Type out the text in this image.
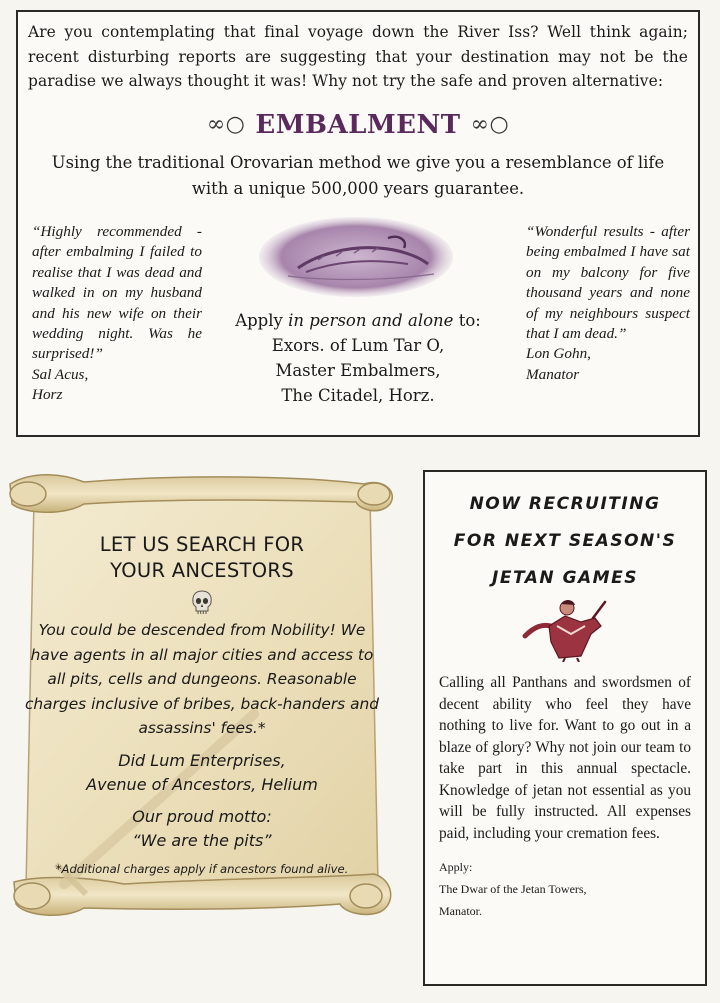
Are you contemplating that final voyage down the River Iss? Well think again; recent disturbing reports are suggesting that your destination may not be the paradise we always thought it was! Why not try the safe and proven alternative:
∞○ EMBALMENT ∞○
Using the traditional Orovarian method we give you a resemblance of life
with a unique 500,000 years guarantee.
“Highly recommended - after embalming I failed to realise that I was dead and walked in on my husband and his new wife on their wedding night. Was he surprised!”
Sal Acus,
Horz
Apply in person and alone to:
Exors. of Lum Tar O,
Master Embalmers,
The Citadel, Horz.
“Wonderful results - after being embalmed I have sat on my balcony for five thousand years and none of my neighbours suspect that I am dead.”
Lon Gohn,
Manator
LET US SEARCH FOR
YOUR ANCESTORS

You could be descended from Nobility! We have agents in all major cities and access to all pits, cells and dungeons. Reasonable charges inclusive of bribes, back-handers and assassins' fees.*

Did Lum Enterprises,
Avenue of Ancestors, Helium
Our proud motto:
“We are the pits”
*Additional charges apply if ancestors found alive.
NOW RECRUITING
FOR NEXT SEASON'S
JETAN GAMES
Calling all Panthans and swordsmen of decent ability who feel they have nothing to live for. Want to go out in a blaze of glory? Why not join our team to take part in this annual spectacle. Knowledge of jetan not essential as you will be fully instructed. All expenses paid, including your cremation fees.
Apply:
The Dwar of the Jetan Towers,
Manator.
